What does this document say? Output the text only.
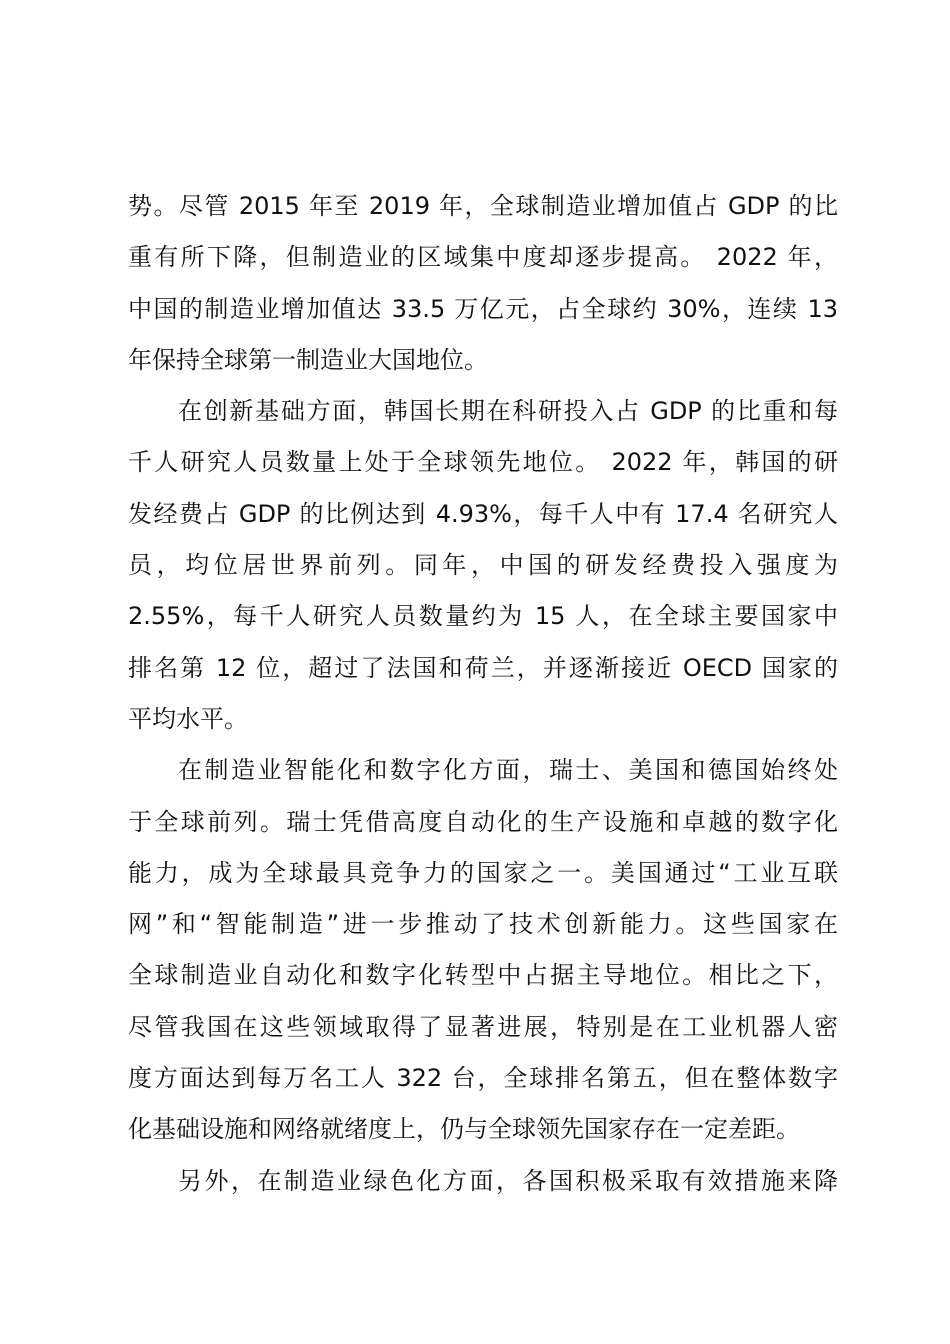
势。尽管 2015 年至 2019 年，全球制造业增加值占 GDP 的比
重有所下降，但制造业的区域集中度却逐步提高。 2022 年，
中国的制造业增加值达 33.5 万亿元，占全球约 30%，连续 13
年保持全球第一制造业大国地位。
在创新基础方面，韩国长期在科研投入占 GDP 的比重和每
千人研究人员数量上处于全球领先地位。 2022 年，韩国的研
发经费占 GDP 的比例达到 4.93%，每千人中有 17.4 名研究人
员，均位居世界前列。同年，中国的研发经费投入强度为
2.55%，每千人研究人员数量约为 15 人，在全球主要国家中
排名第 12 位，超过了法国和荷兰，并逐渐接近 OECD 国家的
平均水平。
在制造业智能化和数字化方面，瑞士、美国和德国始终处
于全球前列。瑞士凭借高度自动化的生产设施和卓越的数字化
能力，成为全球最具竞争力的国家之一。美国通过“工业互联
网”和“智能制造”进一步推动了技术创新能力。这些国家在
全球制造业自动化和数字化转型中占据主导地位。相比之下，
尽管我国在这些领域取得了显著进展，特别是在工业机器人密
度方面达到每万名工人 322 台，全球排名第五，但在整体数字
化基础设施和网络就绪度上，仍与全球领先国家存在一定差距。
另外，在制造业绿色化方面，各国积极采取有效措施来降
